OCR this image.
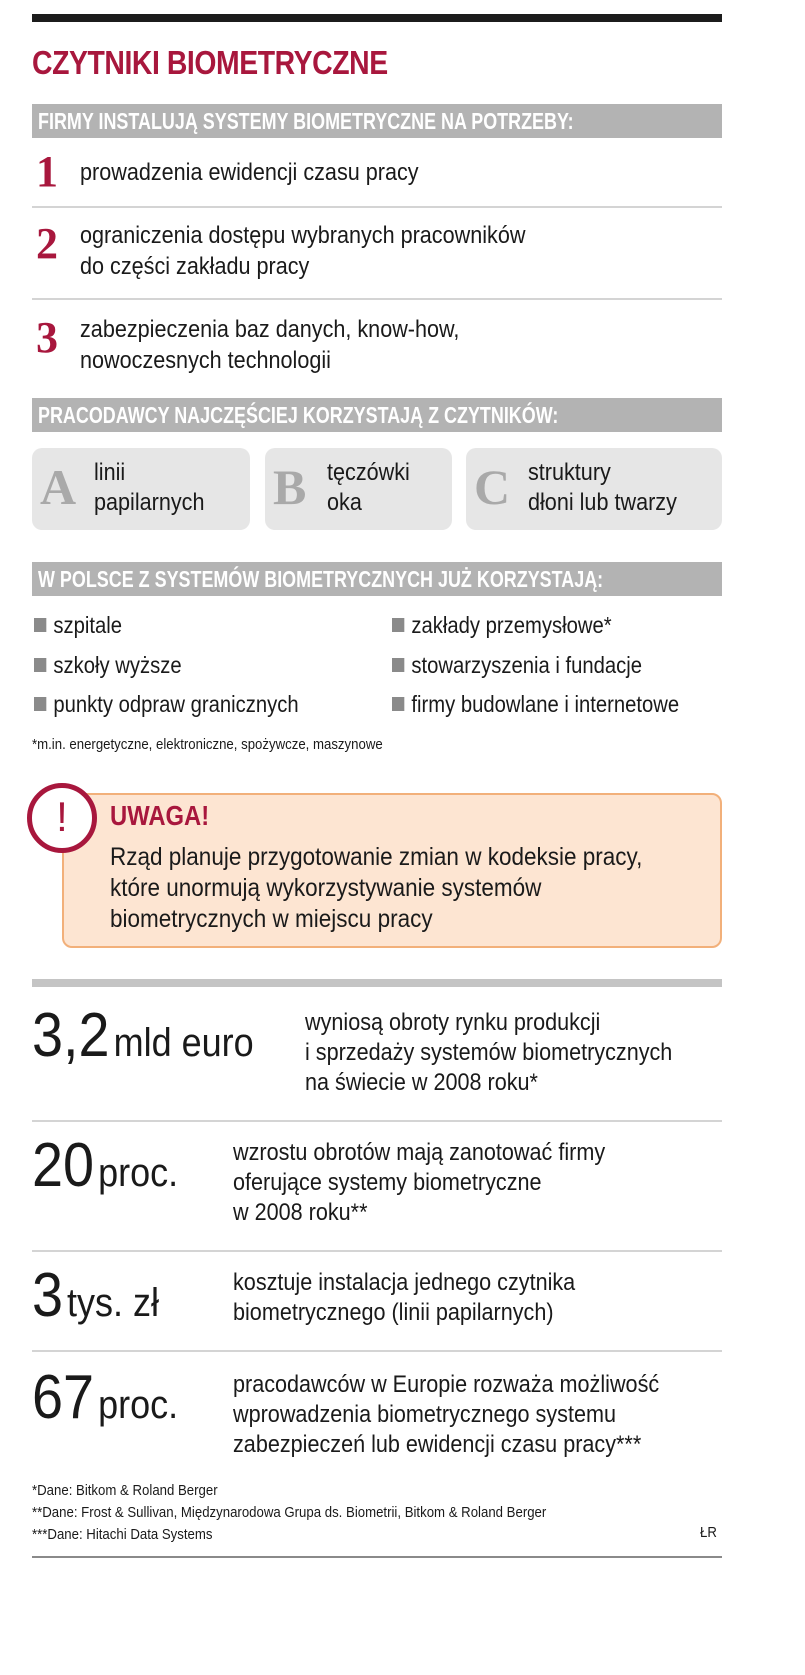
CZYTNIKI BIOMETRYCZNE
FIRMY INSTALUJĄ SYSTEMY BIOMETRYCZNE NA POTRZEBY:
1 prowadzenia ewidencji czasu pracy
2 ograniczenia dostępu wybranych pracowników
do części zakładu pracy
3 zabezpieczenia baz danych, know-how,
nowoczesnych technologii
PRACODAWCY NAJCZĘŚCIEJ KORZYSTAJĄ Z CZYTNIKÓW:
A linii
papilarnych B tęczówki
oka	C struktury
dłoni lub twarzy
W POLSCE Z SYSTEMÓW BIOMETRYCZNYCH JUŻ KORZYSTAJĄ:
szpitale	zakłady przemysłowe*
szkoły wyższe	stowarzyszenia i fundacje
punkty odpraw granicznych	firmy budowlane i internetowe
*m.in. energetyczne, elektroniczne, spożywcze, maszynowe
!	UWAGA!
Rząd planuje przygotowanie zmian w kodeksie pracy,
które unormują wykorzystywanie systemów
biometrycznych w miejscu pracy
3,2 mld euro wyniosą obroty rynku produkcji
i sprzedaży systemów biometrycznych
na świecie w 2008 roku*
20 proc. wzrostu obrotów mają zanotować firmy
oferujące systemy biometryczne
w 2008 roku**
3 tys. zł	kosztuje instalacja jednego czytnika
biometrycznego (linii papilarnych)
67 proc. pracodawców w Europie rozważa możliwość
wprowadzenia biometrycznego systemu
zabezpieczeń lub ewidencji czasu pracy***
*Dane: Bitkom & Roland Berger
**Dane: Frost & Sullivan, Międzynarodowa Grupa ds. Biometrii, Bitkom & Roland Berger
***Dane: Hitachi Data Systems	ŁR
